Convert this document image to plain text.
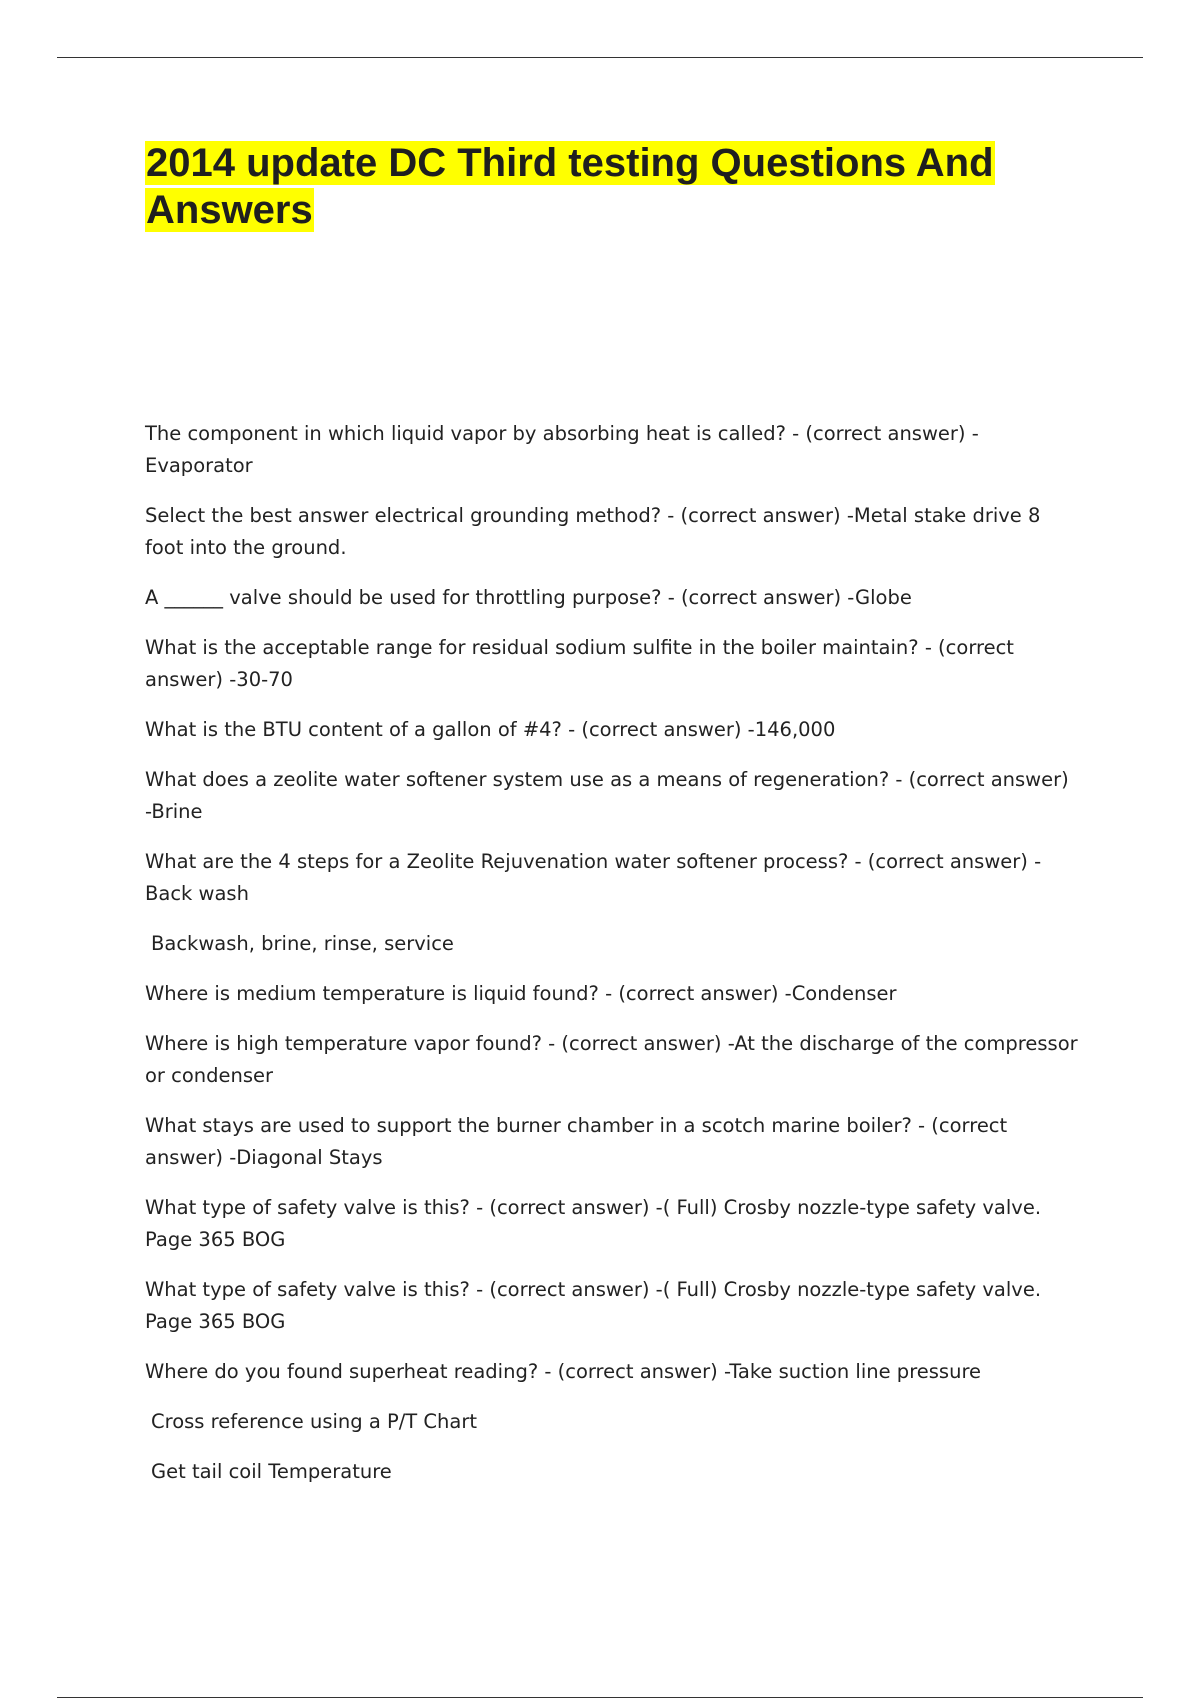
2014 update DC Third testing Questions And Answers

The component in which liquid vapor by absorbing heat is called? - (correct answer) -Evaporator

Select the best answer electrical grounding method? - (correct answer) -Metal stake drive 8 foot into the ground.

A ______ valve should be used for throttling purpose? - (correct answer) -Globe

What is the acceptable range for residual sodium sulfite in the boiler maintain? - (correct answer) -30-70

What is the BTU content of a gallon of #4? - (correct answer) -146,000

What does a zeolite water softener system use as a means of regeneration? - (correct answer) -Brine

What are the 4 steps for a Zeolite Rejuvenation water softener process? - (correct answer) -Back wash

Backwash, brine, rinse, service

Where is medium temperature is liquid found? - (correct answer) -Condenser

Where is high temperature vapor found? - (correct answer) -At the discharge of the compressor or condenser

What stays are used to support the burner chamber in a scotch marine boiler? - (correct answer) -Diagonal Stays

What type of safety valve is this? - (correct answer) -( Full) Crosby nozzle-type safety valve. Page 365 BOG

What type of safety valve is this? - (correct answer) -( Full) Crosby nozzle-type safety valve. Page 365 BOG

Where do you found superheat reading? - (correct answer) -Take suction line pressure

Cross reference using a P/T Chart

Get tail coil Temperature
